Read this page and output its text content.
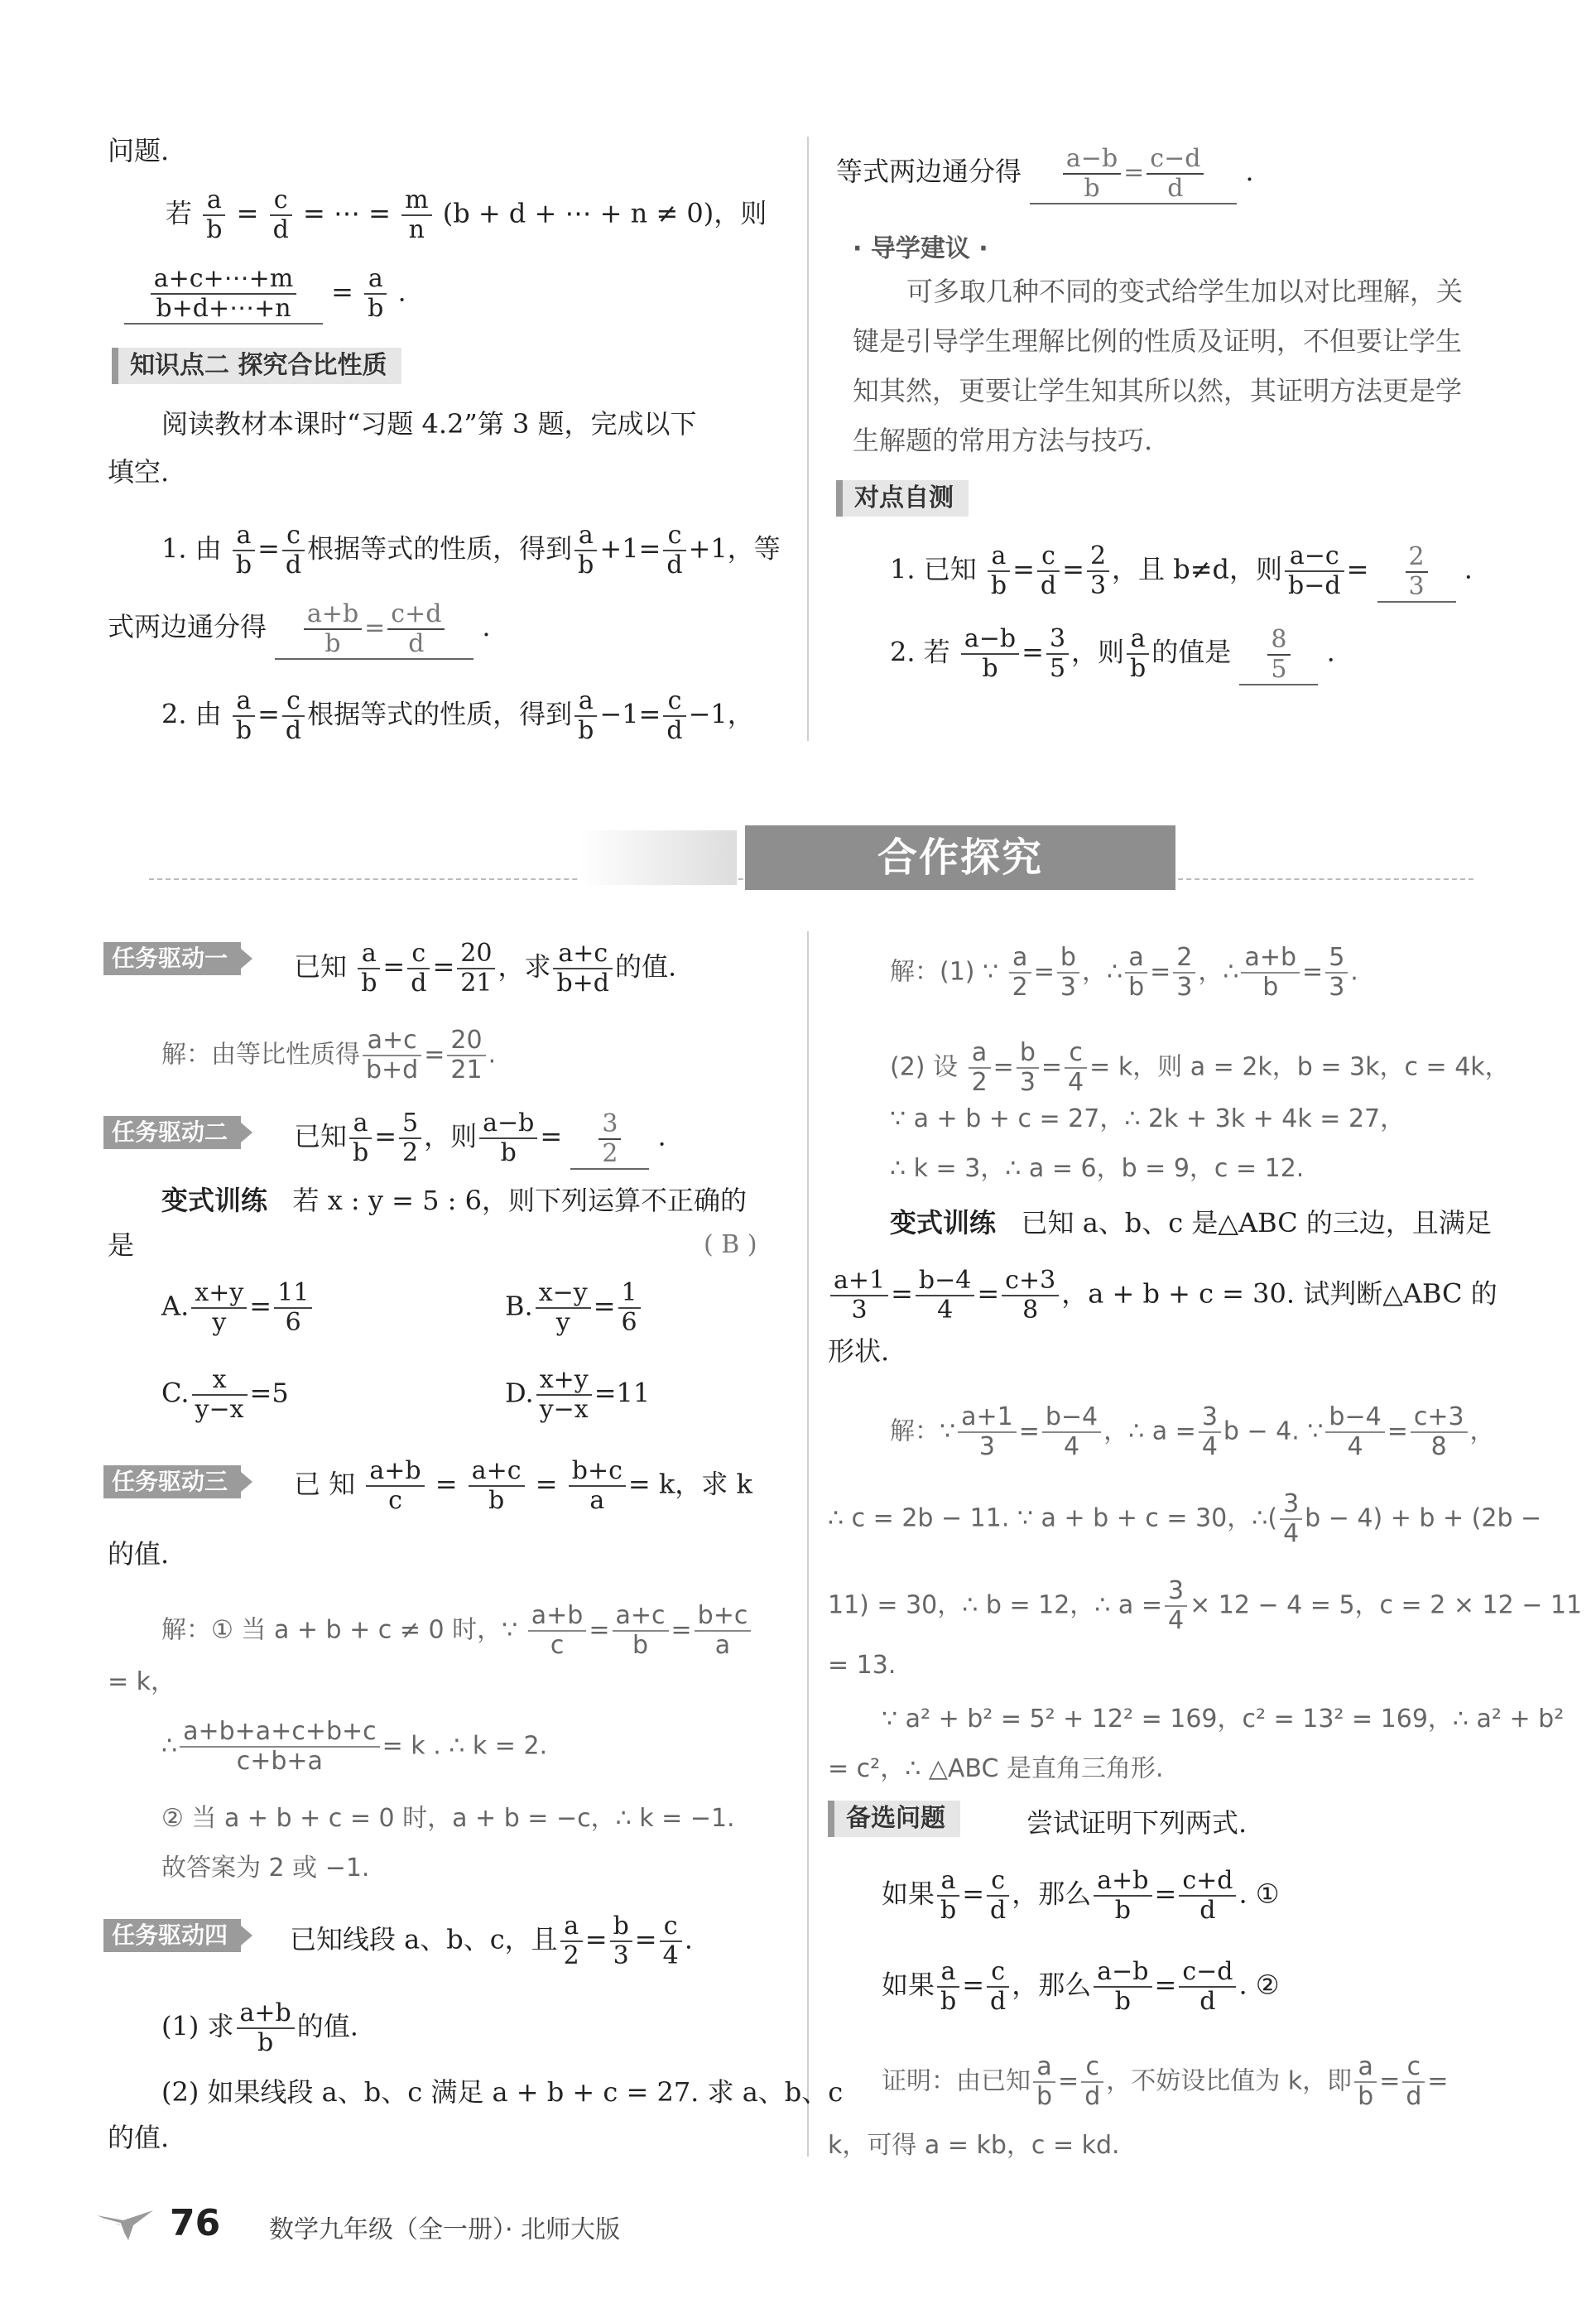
问题.
若 $\frac{a}{b} = \frac{c}{d}$ = ⋯ = $\frac{m}{n} (b + d$ + ⋯ + n ≠ 0)，则
$\frac{a+c+\cdots+m}{b+d+\cdots+n} = \frac{a}{b}$ .
知识点二 探究合比性质
阅读教材本课时“习题 4.2”第 3 题，完成以下
填空.
1. 由 $\frac{a}{b} = \frac{c}{d}$ 根据等式的性质，得到 $\frac{a}{b} +1= \frac{c}{d} +1$，等
式两边通分得 $\frac{a+b}{b} = \frac{c+d}{d}$ .
2. 由 $\frac{a}{b} = \frac{c}{d}$ 根据等式的性质，得到 $\frac{a}{b} -1= \frac{c}{d} -1$，
等式两边通分得 $\frac{a-b}{b} = \frac{c-d}{d}$ .
· 导学建议 ·
可多取几种不同的变式给学生加以对比理解，关
键是引导学生理解比例的性质及证明，不但要让学生
知其然，更要让学生知其所以然，其证明方法更是学
生解题的常用方法与技巧.
对点自测
1. 已知 $\frac{a}{b} = \frac{c}{d} = \frac{2}{3}$ ，且 b≠d，则 $\frac{a-c}{b-d} = \frac{2}{3}$ .
2. 若 $\frac{a-b}{b} = \frac{3}{5}$ ，则 $\frac{a}{b}$ 的值是 $\frac{8}{5}$ .
合作探究
任务驱动一	已知 $\frac{a}{b} = \frac{c}{d} = \frac{20}{21}$ ，求 $\frac{a+c}{b+d}$ 的值.
解：由等比性质得 $\frac{a+c}{b+d} = \frac{20}{21}$ .
任务驱动二	已知 $\frac{a}{b} = \frac{5}{2}$ ，则 $\frac{a-b}{b} = \frac{3}{2}$ .
变式训练 若 x : y = 5 : 6，则下列运算不正确的
是	( B )
A. $\frac{x+y}{y} = \frac{11}{6}$	B. $\frac{x-y}{y} = \frac{1}{6}$
C. $\frac{x}{y-x} =5$	D. $\frac{x+y}{y-x} =11$
任务驱动三	已 知 $\frac{a+b}{c} = \frac{a+c}{b} = \frac{b+c}{a} = k$，求 k
的值.
解：① 当 a + b + c ≠ 0 时，∵ $\frac{a+b}{c} = \frac{a+c}{b} = \frac{b+c}{a}$
= k，
∴ $\frac{a+b+a+c+b+c}{c+b+a} = k$ . ∴ k = 2.
② 当 a + b + c = 0 时，a + b = −c，∴ k = −1.
故答案为 2 或 −1.
任务驱动四	已知线段 a、b、c，且 $\frac{a}{2} = \frac{b}{3} = \frac{c}{4}$ .
(1) 求 $\frac{a+b}{b}$ 的值.
(2) 如果线段 a、b、c 满足 a + b + c = 27. 求 a、b、c
的值.
解：(1) ∵ $\frac{a}{2} = \frac{b}{3}$ ，∴ $\frac{a}{b} = \frac{2}{3}$ ，∴ $\frac{a+b}{b} = \frac{5}{3}$ .
(2) 设 $\frac{a}{2} = \frac{b}{3} = \frac{c}{4} = k$，则 a = 2k，b = 3k，c = 4k，
∵ a + b + c = 27，∴ 2k + 3k + 4k = 27，
∴ k = 3，∴ a = 6，b = 9，c = 12.
变式训练 已知 a、b、c 是△ABC 的三边，且满足
$\frac{a+1}{3} = \frac{b-4}{4} = \frac{c+3}{8}$ ，a + b + c = 30. 试判断△ABC 的
形状.
解：∵ $\frac{a+1}{3} = \frac{b-4}{4}$ ，∴ $a = \frac{3}{4}$ b − 4. ∵ $\frac{b-4}{4} = \frac{c+3}{8}$ ，
∴ c = 2b − 11. ∵ a + b + c = 30，∴( $\frac{3}{4}$ b − 4) + b + (2b −
11) = 30，∴ b = 12，∴ $a = \frac{3}{4} \times 12 - 4 = 5$，c = 2 × 12 − 11
= 13.
∵ a² + b² = 5² + 12² = 169，c² = 13² = 169，∴ a² + b²
= c²，∴ △ABC 是直角三角形.
备选问题	尝试证明下列两式.
如果 $\frac{a}{b} = \frac{c}{d}$ ，那么 $\frac{a+b}{b} = \frac{c+d}{d}$ . ①
如果 $\frac{a}{b} = \frac{c}{d}$ ，那么 $\frac{a-b}{b} = \frac{c-d}{d}$ . ②
证明：由已知 $\frac{a}{b} = \frac{c}{d}$ ，不妨设比值为 k，即 $\frac{a}{b} = \frac{c}{d}$ =
k，可得 a = kb，c = kd.
76 数学九年级（全一册）· 北师大版
